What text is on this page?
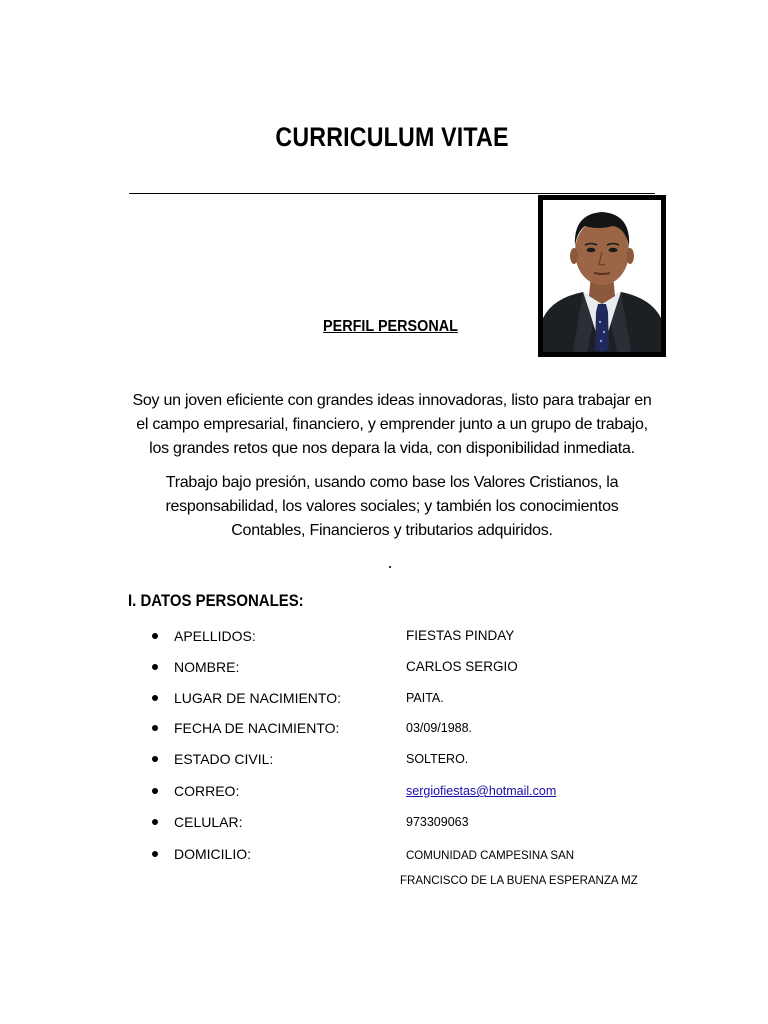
CURRICULUM VITAE
PERFIL PERSONAL

Soy un joven eficiente con grandes ideas innovadoras, listo para trabajar en el campo empresarial, financiero, y emprender junto a un grupo de trabajo, los grandes retos que nos depara la vida, con disponibilidad inmediata.

Trabajo bajo presión, usando como base los Valores Cristianos, la responsabilidad, los valores sociales; y también los conocimientos Contables, Financieros y tributarios adquiridos.

I. DATOS PERSONALES:
APELLIDOS:	FIESTAS PINDAY
NOMBRE:	CARLOS SERGIO
LUGAR DE NACIMIENTO:	PAITA.
FECHA DE NACIMIENTO:	03/09/1988.
ESTADO CIVIL:	SOLTERO.
CORREO:	sergiofiestas@hotmail.com
CELULAR:	973309063
DOMICILIO:	COMUNIDAD CAMPESINA SAN
FRANCISCO DE LA BUENA ESPERANZA MZ
